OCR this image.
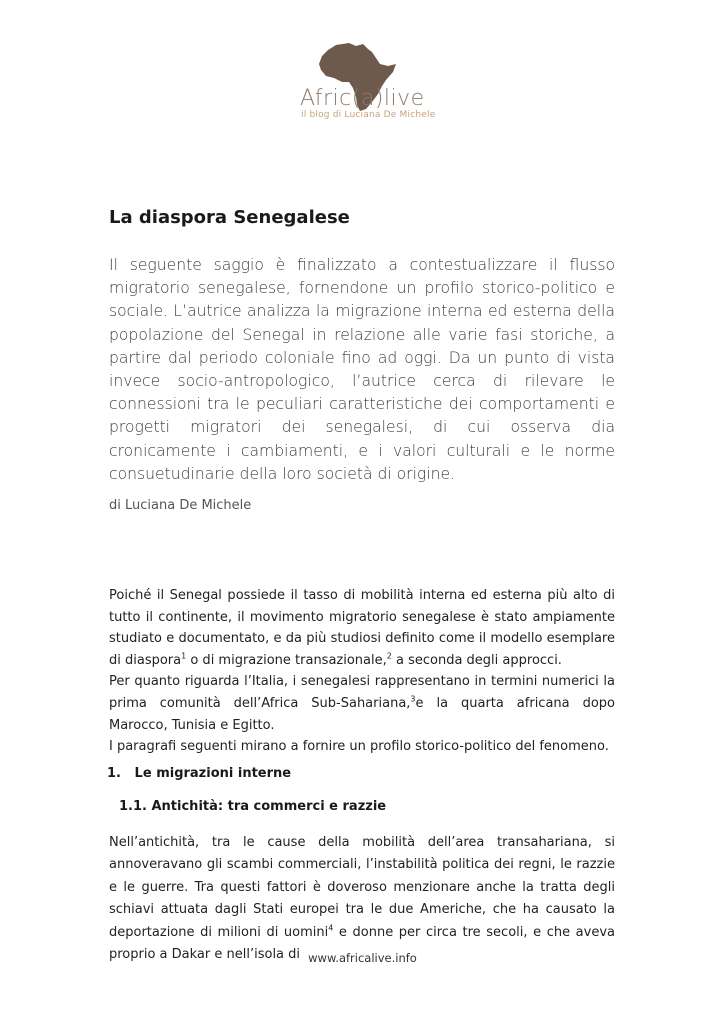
Afric(a)live
il blog di Luciana De Michele
La diaspora Senegalese

Il seguente saggio è finalizzato a contestualizzare il flusso migratorio senegalese, fornendone un profilo storico-politico e sociale. L’autrice analizza la migrazione interna ed esterna della popolazione del Senegal in relazione alle varie fasi storiche, a partire dal periodo coloniale fino ad oggi. Da un punto di vista invece socio-antropologico, l’autrice cerca di rilevare le connessioni tra le peculiari caratteristiche dei comportamenti e progetti migratori dei senegalesi, di cui osserva dia cronicamente i cambiamenti, e i valori culturali e le norme consuetudinarie della loro società di origine.

di Luciana De Michele

Poiché il Senegal possiede il tasso di mobilità interna ed esterna più alto di tutto il continente, il movimento migratorio senegalese è stato ampiamente studiato e documentato, e da più studiosi definito come il modello esemplare di diaspora$^1$ o di migrazione transazionale,$^2$ a seconda degli approcci.

Per quanto riguarda l’Italia, i senegalesi rappresentano in termini numerici la prima comunità dell’Africa Sub-Sahariana,$^3$e la quarta africana dopo Marocco, Tunisia e Egitto.

I paragrafi seguenti mirano a fornire un profilo storico-politico del fenomeno.

1.   Le migrazioni interne

1.1. Antichità: tra commerci e razzie

Nell’antichità, tra le cause della mobilità dell’area transahariana, si annoveravano gli scambi commerciali, l’instabilità politica dei regni, le razzie e le guerre. Tra questi fattori è doveroso menzionare anche la tratta degli schiavi attuata dagli Stati europei tra le due Americhe, che ha causato la deportazione di milioni di uomini$^4$ e donne per circa tre secoli, e che aveva proprio a Dakar e nell’isola di www.africalive.info
